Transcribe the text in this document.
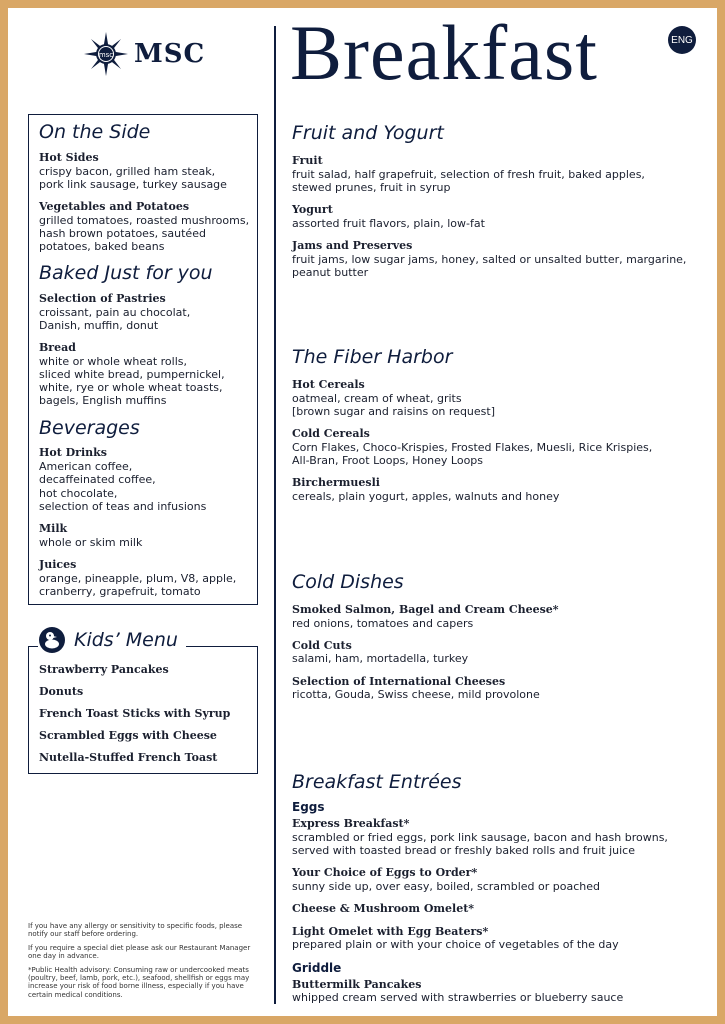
msc MSC Breakfast	ENG
On the Side
Hot Sides
crispy bacon, grilled ham steak,
pork link sausage, turkey sausage
Vegetables and Potatoes
grilled tomatoes, roasted mushrooms,
hash brown potatoes, sautéed
potatoes, baked beans
Baked Just for you
Selection of Pastries
croissant, pain au chocolat,
Danish, muffin, donut
Bread
white or whole wheat rolls,
sliced white bread, pumpernickel,
white, rye or whole wheat toasts,
bagels, English muffins
Beverages
Hot Drinks
American coffee,
decaffeinated coffee,
hot chocolate,
selection of teas and infusions
Milk
whole or skim milk
Juices
orange, pineapple, plum, V8, apple,
cranberry, grapefruit, tomato
Strawberry Pancakes
Donuts
French Toast Sticks with Syrup
Scrambled Eggs with Cheese
Nutella-Stuffed French Toast
Kids’ Menu

If you have any allergy or sensitivity to specific foods, please notify our staff before ordering.

If you require a special diet please ask our Restaurant Manager one day in advance.

*Public Health advisory: Consuming raw or undercooked meats (poultry, beef, lamb, pork, etc.), seafood, shellfish or eggs may increase your risk of food borne illness, especially if you have certain medical conditions.

Fruit and Yogurt
Fruit
fruit salad, half grapefruit, selection of fresh fruit, baked apples,
stewed prunes, fruit in syrup
Yogurt
assorted fruit flavors, plain, low-fat
Jams and Preserves
fruit jams, low sugar jams, honey, salted or unsalted butter, margarine,
peanut butter
The Fiber Harbor
Hot Cereals
oatmeal, cream of wheat, grits
[brown sugar and raisins on request]
Cold Cereals
Corn Flakes, Choco-Krispies, Frosted Flakes, Muesli, Rice Krispies,
All-Bran, Froot Loops, Honey Loops
Birchermuesli
cereals, plain yogurt, apples, walnuts and honey
Cold Dishes
Smoked Salmon, Bagel and Cream Cheese*
red onions, tomatoes and capers
Cold Cuts
salami, ham, mortadella, turkey
Selection of International Cheeses
ricotta, Gouda, Swiss cheese, mild provolone
Breakfast Entrées
Eggs
Express Breakfast*
scrambled or fried eggs, pork link sausage, bacon and hash browns,
served with toasted bread or freshly baked rolls and fruit juice
Your Choice of Eggs to Order*
sunny side up, over easy, boiled, scrambled or poached
Cheese & Mushroom Omelet*
Light Omelet with Egg Beaters*
prepared plain or with your choice of vegetables of the day
Griddle
Buttermilk Pancakes
whipped cream served with strawberries or blueberry sauce
